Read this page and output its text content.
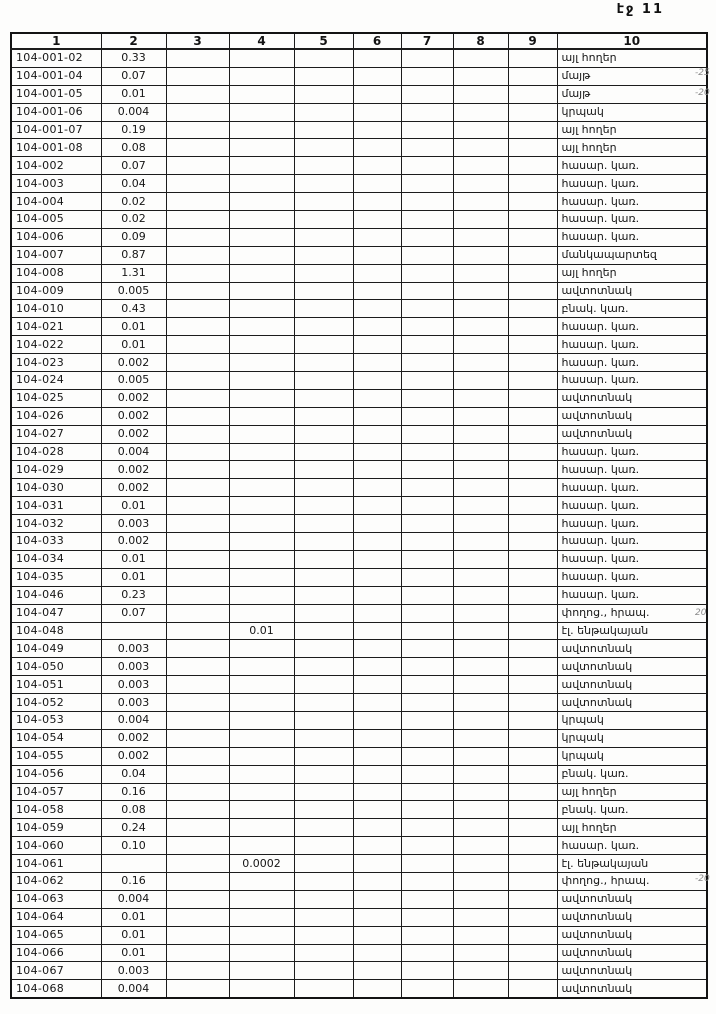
էջ 11
1	2	3	4	5	6	7	8	9	10
104-001-02	0.33								այլ հողեր
104-001-04	0.07								մայթ
104-001-05	0.01								մայթ
104-001-06	0.004								կրպակ
104-001-07	0.19								այլ հողեր
104-001-08	0.08								այլ հողեր
104-002	0.07								հասար. կառ.
104-003	0.04								հասար. կառ.
104-004	0.02								հասար. կառ.
104-005	0.02								հասար. կառ.
104-006	0.09								հասար. կառ.
104-007	0.87								մանկապարտեզ
104-008	1.31								այլ հողեր
104-009	0.005								ավտոտնակ
104-010	0.43								բնակ. կառ.
104-021	0.01								հասար. կառ.
104-022	0.01								հասար. կառ.
104-023	0.002								հասար. կառ.
104-024	0.005								հասար. կառ.
104-025	0.002								ավտոտնակ
104-026	0.002								ավտոտնակ
104-027	0.002								ավտոտնակ
104-028	0.004								հասար. կառ.
104-029	0.002								հասար. կառ.
104-030	0.002								հասար. կառ.
104-031	0.01								հասար. կառ.
104-032	0.003								հասար. կառ.
104-033	0.002								հասար. կառ.
104-034	0.01								հասար. կառ.
104-035	0.01								հասար. կառ.
104-046	0.23								հասար. կառ.
104-047	0.07								փողոց., հրապ.
104-048			0.01						էլ. ենթակայան
104-049	0.003								ավտոտնակ
104-050	0.003								ավտոտնակ
104-051	0.003								ավտոտնակ
104-052	0.003								ավտոտնակ
104-053	0.004								կրպակ
104-054	0.002								կրպակ
104-055	0.002								կրպակ
104-056	0.04								բնակ. կառ.
104-057	0.16								այլ հողեր
104-058	0.08								բնակ. կառ.
104-059	0.24								այլ հողեր
104-060	0.10								հասար. կառ.
104-061			0.0002						էլ. ենթակայան
104-062	0.16								փողոց., հրապ.
104-063	0.004								ավտոտնակ
104-064	0.01								ավտոտնակ
104-065	0.01								ավտոտնակ
104-066	0.01								ավտոտնակ
104-067	0.003								ավտոտնակ
104-068	0.004								ավտոտնակ
-25
-20
20
-20
